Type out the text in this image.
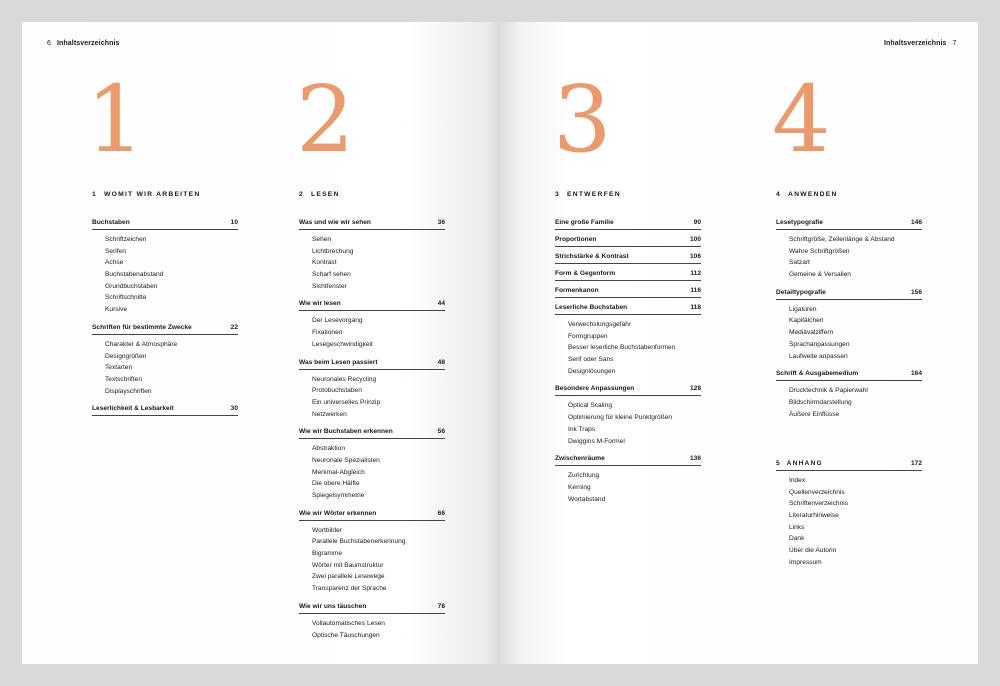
6 Inhaltsverzeichnis	Inhaltsverzeichnis 7
1 2 3 4
1 WOMIT WIR ARBEITEN
Buchstaben	10
Schriftzeichen
Serifen
Achse
Buchstabenabstand
Grundbuchstaben
Schriftschnitte
Kursive
Schriften für bestimmte Zwecke	22
Charakter & Atmosphäre
Designgrößen
Textarten
Textschriften
Displayschriften
Leserlichkeit & Lesbarkeit	30
2 LESEN
Was und wie wir sehen	36
Sehen
Lichtbrechung
Kontrast
Scharf sehen
Sichtfenster
Wie wir lesen	44
Der Lesevorgang
Fixationen
Lesegeschwindigkeit
Was beim Lesen passiert	48
Neuronales Recycling
Protobuchstaben
Ein universelles Prinzip
Netzwerken
Wie wir Buchstaben erkennen	56
Abstraktion
Neuronale Spezialisten
Merkmal-Abgleich
Die obere Hälfte
Spiegelsymmetrie
Wie wir Wörter erkennen	66
Wortbilder
Parallele Buchstabenerkennung
Bigramme
Wörter mit Baumstruktur
Zwei parallele Lesewege
Transparenz der Sprache
Wie wir uns täuschen	78
Vollautomatisches Lesen
Optische Täuschungen
3 ENTWERFEN
Eine große Familie	90
Proportionen	100
Strichstärke & Kontrast	106
Form & Gegenform	112
Formenkanon	116
Leserliche Buchstaben	118
Verwechslungsgefahr
Formgruppen
Besser leserliche Buchstabenformen
Serif oder Sans
Designlösungen
Besondere Anpassungen	128
Optical Scaling
Optimierung für kleine Punktgrößen
Ink Traps
Dwiggins M-Formel
Zwischenräume	136
Zurichtung
Kerning
Wortabstand
4 ANWENDEN
Lesetypografie	146
Schriftgröße, Zeilenlänge & Abstand
Wahre Schriftgrößen
Satzart
Gemeine & Versalien
Detailtypografie	156
Ligaturen
Kapitälchen
Mediävalziffern
Sprachanpassungen
Laufweite anpassen
Schrift & Ausgabemedium	164
Drucktechnik & Papierwahl
Bildschirmdarstellung
Äußere Einflüsse
5 ANHANG	172
Index
Quellenverzeichnis
Schriftenverzeichnis
Literaturhinweise
Links
Dank
Über die Autorin
Impressum
